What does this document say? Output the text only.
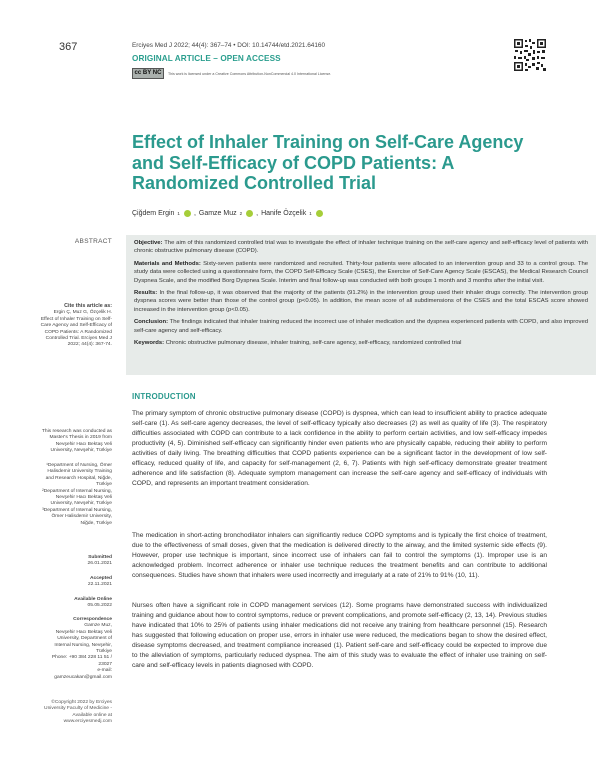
367	Erciyes Med J 2022; 44(4): 367–74 • DOI: 10.14744/etd.2021.64160
ORIGINAL ARTICLE – OPEN ACCESS
cc BY NC	This work is licensed under a Creative Commons Attribution-NonCommercial 4.0 International License.
Effect of Inhaler Training on Self-Care Agency and Self-Efficacy of COPD Patients: A Randomized Controlled Trial
Çiğdem Ergin 1 , Gamze Muz 2 , Hanife Özçelik 1
ABSTRACT	Objective: The aim of this randomized controlled trial was to investigate the effect of inhaler technique training on the self-care agency and self-efficacy level of patients with chronic obstructive pulmonary disease (COPD).

Materials and Methods: Sixty-seven patients were randomized and recruited. Thirty-four patients were allocated to an intervention group and 33 to a control group. The study data were collected using a questionnaire form, the COPD Self-Efficacy Scale (CSES), the Exercise of Self-Care Agency Scale (ESCAS), the Medical Research Council Dyspnea Scale, and the modified Borg Dyspnea Scale. Interim and final follow-up was conducted with both groups 1 month and 3 months after the initial visit.

Results: In the final follow-up, it was observed that the majority of the patients (91.2%) in the intervention group used their inhaler drugs correctly. The intervention group dyspnea scores were better than those of the control group (p<0.05). In addition, the mean score of all subdimensions of the CSES and the total ESCAS score showed increased in the intervention group (p<0.05).

Conclusion: The findings indicated that inhaler training reduced the incorrect use of inhaler medication and the dyspnea experienced patients with COPD, and also improved self-care agency and self-efficacy.

Keywords: Chronic obstructive pulmonary disease, inhaler training, self-care agency, self-efficacy, randomized controlled trial

Cite this article as:
Ergin Ç, Muz G, Özçelik H. Effect of Inhaler Training on Self-Care Agency and Self-Efficacy of COPD Patients: A Randomized Controlled Trial. Erciyes Med J 2022; 44(4): 367-74.
This research was conducted as Master's Thesis in 2019 from Nevşehir Hacı Bektaş Veli University, Nevşehir, Türkiye
¹Department of Nursing, Ömer Halisdemir University Training and Research Hospital, Niğde, Türkiye
²Department of Internal Nursing, Nevşehir Hacı Bektaş Veli University, Nevşehir, Türkiye
³Department of Internal Nursing, Ömer Halisdemir University, Niğde, Türkiye
Submitted
26.01.2021
Accepted
22.11.2021
Available Online
05.05.2022
Correspondence
Gamze Muz,
Nevşehir Hacı Bektaş Veli University, Department of Internal Nursing, Nevşehir, Türkiye
Phone: +90 384 228 11 51 / 23027
e-mail:
gamzeucakan@gmail.com
©Copyright 2022 by Erciyes University Faculty of Medicine - Available online at www.erciyesmedj.com
INTRODUCTION

The primary symptom of chronic obstructive pulmonary disease (COPD) is dyspnea, which can lead to insufficient ability to practice adequate self-care (1). As self-care agency decreases, the level of self-efficacy typically also decreases (2) as well as quality of life (3). The respiratory difficulties associated with COPD can contribute to a lack confidence in the ability to perform certain activities, and low self-efficacy impedes productivity (4, 5). Diminished self-efficacy can significantly hinder even patients who are physically capable, reducing their ability to perform activities of daily living. The breathing difficulties that COPD patients experience can be a significant factor in the development of low self-efficacy, reduced quality of life, and capacity for self-management (2, 6, 7). Patients with high self-efficacy demonstrate greater treatment adherence and life satisfaction (8). Adequate symptom management can increase the self-care agency and self-efficacy of individuals with COPD, and represents an important treatment consideration.

The medication in short-acting bronchodilator inhalers can significantly reduce COPD symptoms and is typically the first choice of treatment, due to the effectiveness of small doses, given that the medication is delivered directly to the airway, and the limited systemic side effects (9). However, proper use technique is important, since incorrect use of inhalers can fail to control the symptoms (1). Improper use is an acknowledged problem. Incorrect adherence or inhaler use technique reduces the treatment benefits and can contribute to additional consequences. Studies have shown that inhalers were used incorrectly and irregularly at a rate of 21% to 91% (10, 11).

Nurses often have a significant role in COPD management services (12). Some programs have demonstrated success with individualized training and guidance about how to control symptoms, reduce or prevent complications, and promote self-efficacy (2, 13, 14). Previous studies have indicated that 10% to 25% of patients using inhaler medications did not receive any training from healthcare personnel (15). Research has suggested that following education on proper use, errors in inhaler use were reduced, the medications began to show the desired effect, disease symptoms decreased, and treatment compliance increased (1). Patient self-care and self-efficacy could be expected to improve due to the alleviation of symptoms, particularly reduced dyspnea. The aim of this study was to evaluate the effect of inhaler use training on self-care and self-efficacy levels in patients diagnosed with COPD.
